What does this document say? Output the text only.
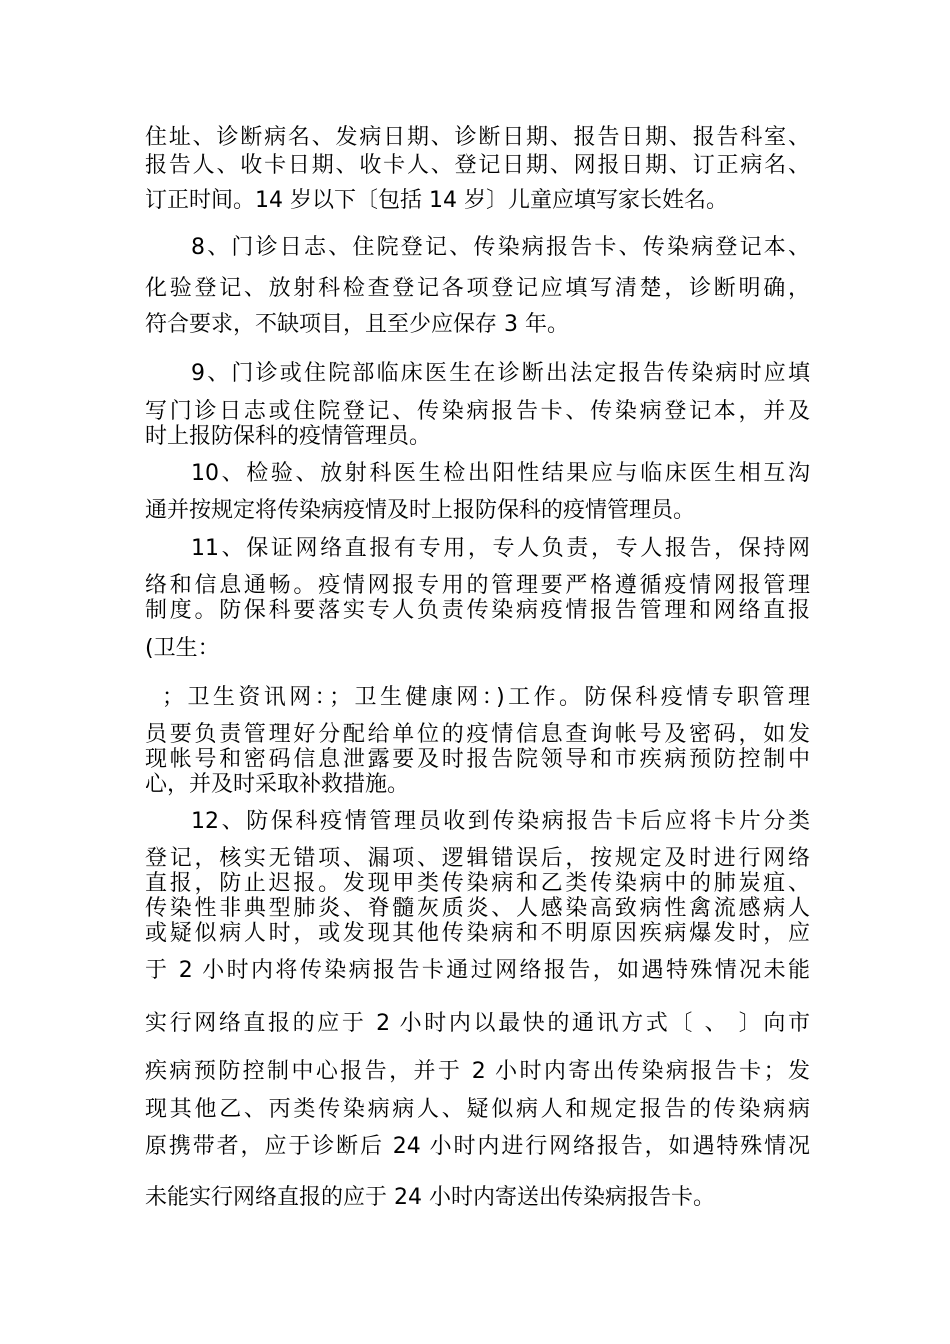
住址、诊断病名、发病日期、诊断日期、报告日期、报告科室、

报告人、收卡日期、收卡人、登记日期、网报日期、订正病名、

订正时间。14 岁以下〔包括 14 岁〕儿童应填写家长姓名。

8、门诊日志、住院登记、传染病报告卡、传染病登记本、

化验登记、放射科检查登记各项登记应填写清楚，诊断明确，

符合要求，不缺项目，且至少应保存 3 年。

9、门诊或住院部临床医生在诊断出法定报告传染病时应填

写门诊日志或住院登记、传染病报告卡、传染病登记本，并及

时上报防保科的疫情管理员。

10、检验、放射科医生检出阳性结果应与临床医生相互沟

通并按规定将传染病疫情及时上报防保科的疫情管理员。

11、保证网络直报有专用，专人负责，专人报告，保持网

络和信息通畅。疫情网报专用的管理要严格遵循疫情网报管理

制度。防保科要落实专人负责传染病疫情报告管理和网络直报

(卫生：

；卫生资讯网：；卫生健康网：)工作。防保科疫情专职管理

员要负责管理好分配给单位的疫情信息查询帐号及密码，如发

现帐号和密码信息泄露要及时报告院领导和市疾病预防控制中

心，并及时采取补救措施。

12、防保科疫情管理员收到传染病报告卡后应将卡片分类

登记，核实无错项、漏项、逻辑错误后，按规定及时进行网络

直报，防止迟报。发现甲类传染病和乙类传染病中的肺炭疽、

传染性非典型肺炎、脊髓灰质炎、人感染高致病性禽流感病人

或疑似病人时，或发现其他传染病和不明原因疾病爆发时，应

于 2 小时内将传染病报告卡通过网络报告，如遇特殊情况未能

实行网络直报的应于 2 小时内以最快的通讯方式〔 、 〕向市

疾病预防控制中心报告，并于 2 小时内寄出传染病报告卡；发

现其他乙、丙类传染病病人、疑似病人和规定报告的传染病病

原携带者，应于诊断后 24 小时内进行网络报告，如遇特殊情况

未能实行网络直报的应于 24 小时内寄送出传染病报告卡。
